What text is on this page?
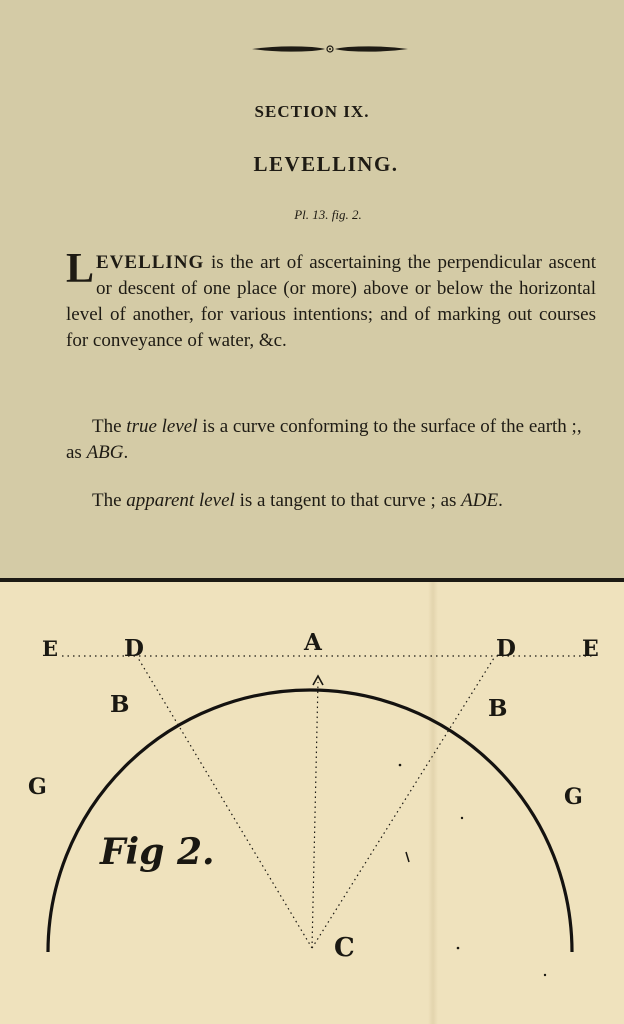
SECTION IX.
LEVELLING.

Pl. 13. fig. 2.

LEVELLING is the art of ascertaining the perpendicular ascent or descent of one place (or more) above or below the horizontal level of another, for various intentions; and of marking out courses for conveyance of water, &c.

The true level is a curve conforming to the surface of the earth ;, as ABG.

The apparent level is a tangent to that curve ; as ADE.

E	D	A	D	E
B	B
G	G
C
Fig 2.
